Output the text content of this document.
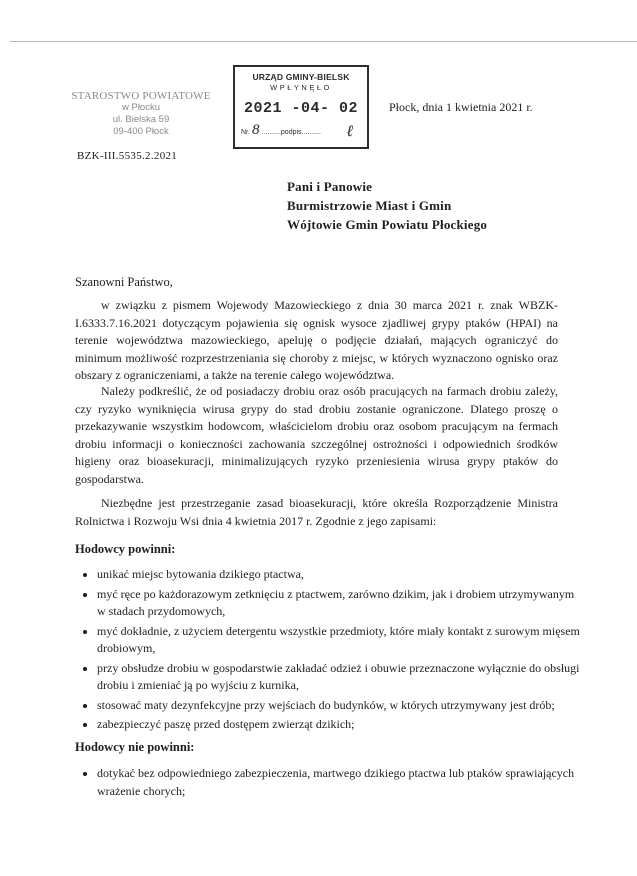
STAROSTWO POWIATOWE
w Płocku
ul. Bielska 59
09-400 Płock
BZK-III.5535.2.2021
URZĄD GMINY-BIELSK
WPŁYNĘŁO
2021 -04- 02
Nr. 8 ..........podpis.......... ℓ
Płock, dnia 1 kwietnia 2021 r.
Pani i Panowie
Burmistrzowie Miast i Gmin
Wójtowie Gmin Powiatu Płockiego
Szanowni Państwo,
w związku z pismem Wojewody Mazowieckiego z dnia 30 marca 2021 r. znak WBZK-I.6333.7.16.2021 dotyczącym pojawienia się ognisk wysoce zjadliwej grypy ptaków (HPAI) na terenie województwa mazowieckiego, apeluję o podjęcie działań, mających ograniczyć do minimum możliwość rozprzestrzeniania się choroby z miejsc, w których wyznaczono ognisko oraz obszary z ograniczeniami, a także na terenie całego województwa.
Należy podkreślić, że od posiadaczy drobiu oraz osób pracujących na farmach drobiu zależy, czy ryzyko wyniknięcia wirusa grypy do stad drobiu zostanie ograniczone. Dlatego proszę o przekazywanie wszystkim hodowcom, właścicielom drobiu oraz osobom pracującym na fermach drobiu informacji o konieczności zachowania szczególnej ostrożności i odpowiednich środków higieny oraz bioasekuracji, minimalizujących ryzyko przeniesienia wirusa grypy ptaków do gospodarstwa.
Niezbędne jest przestrzeganie zasad bioasekuracji, które określa Rozporządzenie Ministra Rolnictwa i Rozwoju Wsi dnia 4 kwietnia 2017 r. Zgodnie z jego zapisami:
Hodowcy powinni:
• unikać miejsc bytowania dzikiego ptactwa,
• myć ręce po każdorazowym zetknięciu z ptactwem, zarówno dzikim, jak i drobiem utrzymywanym w stadach przydomowych,
• myć dokładnie, z użyciem detergentu wszystkie przedmioty, które miały kontakt z surowym mięsem drobiowym,
• przy obsłudze drobiu w gospodarstwie zakładać odzież i obuwie przeznaczone wyłącznie do obsługi drobiu i zmieniać ją po wyjściu z kurnika,
• stosować maty dezynfekcyjne przy wejściach do budynków, w których utrzymywany jest drób;
• zabezpieczyć paszę przed dostępem zwierząt dzikich;
Hodowcy nie powinni:
• dotykać bez odpowiedniego zabezpieczenia, martwego dzikiego ptactwa lub ptaków sprawiających wrażenie chorych;
